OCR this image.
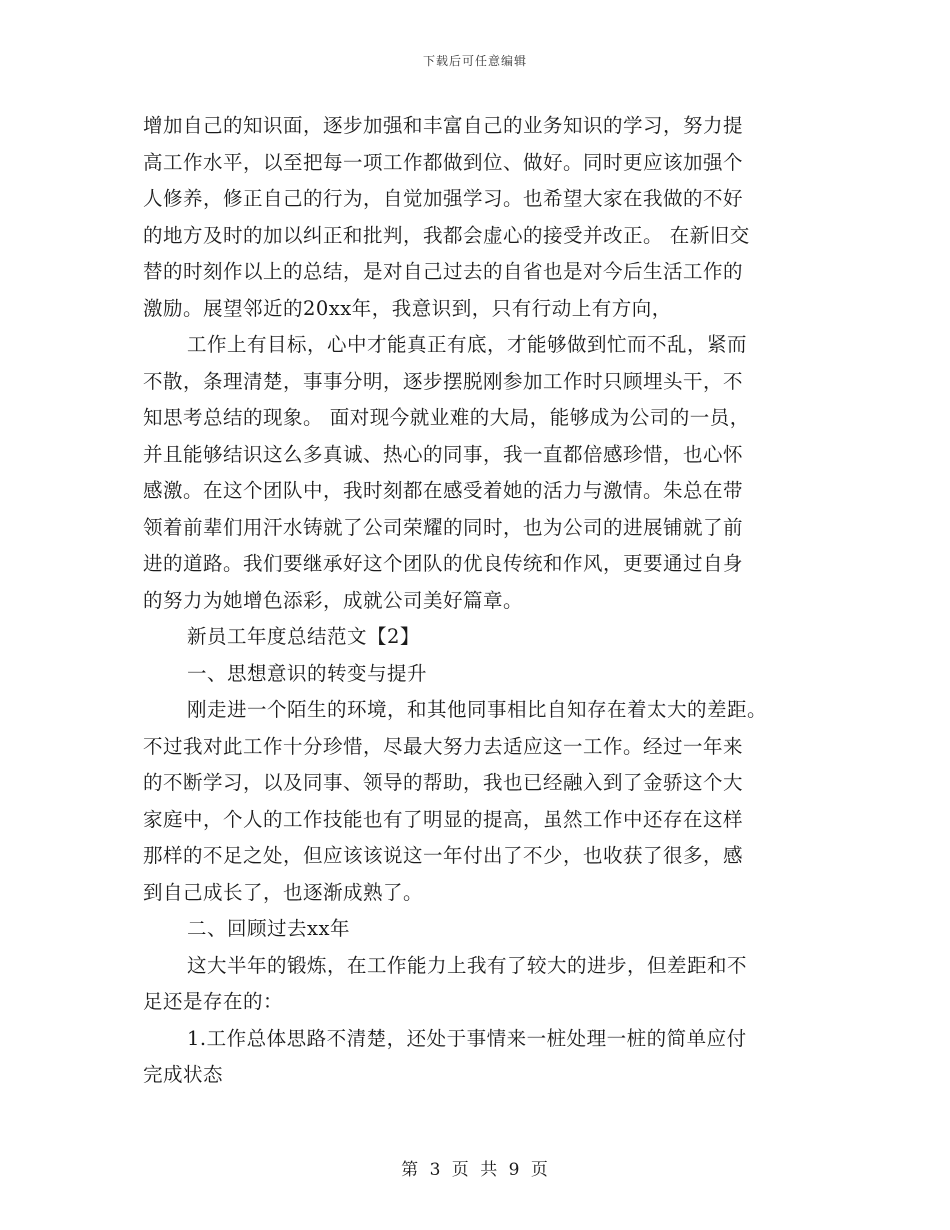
下载后可任意编辑
增加自己的知识面，逐步加强和丰富自己的业务知识的学习，努力提
高工作水平，以至把每一项工作都做到位、做好。同时更应该加强个
人修养，修正自己的行为，自觉加强学习。也希望大家在我做的不好
的地方及时的加以纠正和批判，我都会虚心的接受并改正。 在新旧交
替的时刻作以上的总结，是对自己过去的自省也是对今后生活工作的
激励。展望邻近的20xx年，我意识到，只有行动上有方向，
工作上有目标，心中才能真正有底，才能够做到忙而不乱，紧而
不散，条理清楚，事事分明，逐步摆脱刚参加工作时只顾埋头干，不
知思考总结的现象。 面对现今就业难的大局，能够成为公司的一员，
并且能够结识这么多真诚、热心的同事，我一直都倍感珍惜，也心怀
感激。在这个团队中，我时刻都在感受着她的活力与激情。朱总在带
领着前辈们用汗水铸就了公司荣耀的同时，也为公司的进展铺就了前
进的道路。我们要继承好这个团队的优良传统和作风，更要通过自身
的努力为她增色添彩，成就公司美好篇章。
新员工年度总结范文【2】
一、思想意识的转变与提升
刚走进一个陌生的环境，和其他同事相比自知存在着太大的差距。
不过我对此工作十分珍惜，尽最大努力去适应这一工作。经过一年来
的不断学习，以及同事、领导的帮助，我也已经融入到了金骄这个大
家庭中，个人的工作技能也有了明显的提高，虽然工作中还存在这样
那样的不足之处，但应该该说这一年付出了不少，也收获了很多，感
到自己成长了，也逐渐成熟了。
二、回顾过去xx年
这大半年的锻炼，在工作能力上我有了较大的进步，但差距和不
足还是存在的：
1.工作总体思路不清楚，还处于事情来一桩处理一桩的简单应付
完成状态
第 3 页 共 9 页
